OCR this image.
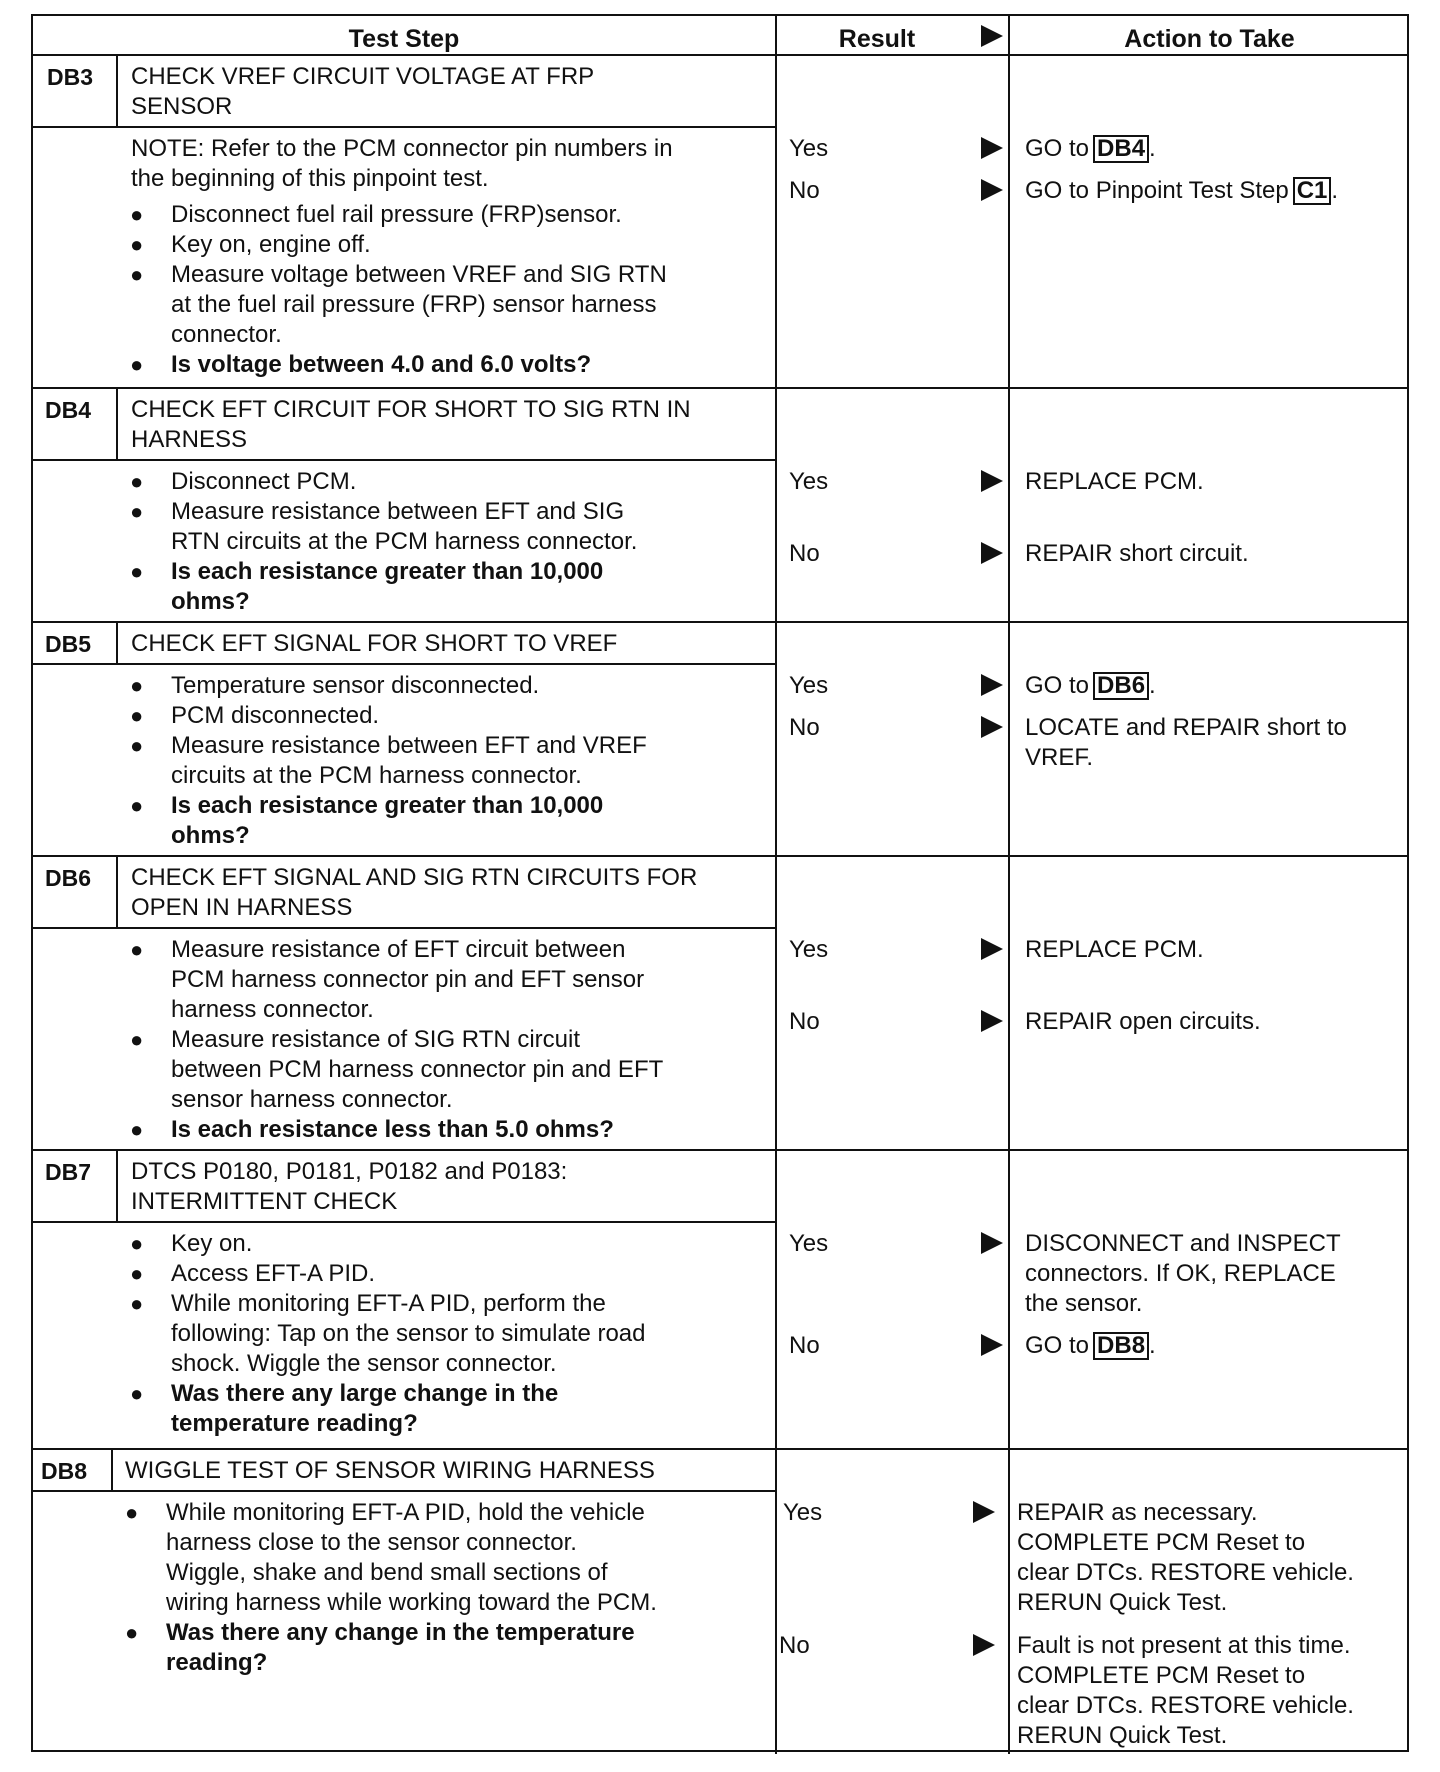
Test Step	Result	Action to Take
DB3 CHECK VREF CIRCUIT VOLTAGE AT FRP
SENSOR
NOTE: Refer to the PCM connector pin numbers in
the beginning of this pinpoint test.
● Disconnect fuel rail pressure (FRP)sensor.
● Key on, engine off.
● Measure voltage between VREF and SIG RTN
at the fuel rail pressure (FRP) sensor harness
connector.
● Is voltage between 4.0 and 6.0 volts?
Yes	GO to DB4 .
No	GO to Pinpoint Test Step C1 .
DB4 CHECK EFT CIRCUIT FOR SHORT TO SIG RTN IN
HARNESS
● Disconnect PCM.
● Measure resistance between EFT and SIG
RTN circuits at the PCM harness connector.
● Is each resistance greater than 10,000
ohms?
Yes	REPLACE PCM.
No	REPAIR short circuit.
DB5 CHECK EFT SIGNAL FOR SHORT TO VREF
● Temperature sensor disconnected.
● PCM disconnected.
● Measure resistance between EFT and VREF
circuits at the PCM harness connector.
● Is each resistance greater than 10,000
ohms?
Yes	GO to DB6 .
No	LOCATE and REPAIR short to
VREF.
DB6 CHECK EFT SIGNAL AND SIG RTN CIRCUITS FOR
OPEN IN HARNESS
● Measure resistance of EFT circuit between
PCM harness connector pin and EFT sensor
harness connector.
● Measure resistance of SIG RTN circuit
between PCM harness connector pin and EFT
sensor harness connector.
● Is each resistance less than 5.0 ohms?
Yes	REPLACE PCM.
No	REPAIR open circuits.
DB7 DTCS P0180, P0181, P0182 and P0183:
INTERMITTENT CHECK
● Key on.
● Access EFT-A PID.
● While monitoring EFT-A PID, perform the
following: Tap on the sensor to simulate road
shock. Wiggle the sensor connector.
● Was there any large change in the
temperature reading?
Yes	DISCONNECT and INSPECT
connectors. If OK, REPLACE
the sensor.
No	GO to DB8 .
DB8 WIGGLE TEST OF SENSOR WIRING HARNESS
● While monitoring EFT-A PID, hold the vehicle
harness close to the sensor connector.
Wiggle, shake and bend small sections of
wiring harness while working toward the PCM.
● Was there any change in the temperature
reading?
Yes	REPAIR as necessary.
COMPLETE PCM Reset to
clear DTCs. RESTORE vehicle.
RERUN Quick Test.
No	Fault is not present at this time.
COMPLETE PCM Reset to
clear DTCs. RESTORE vehicle.
RERUN Quick Test.
